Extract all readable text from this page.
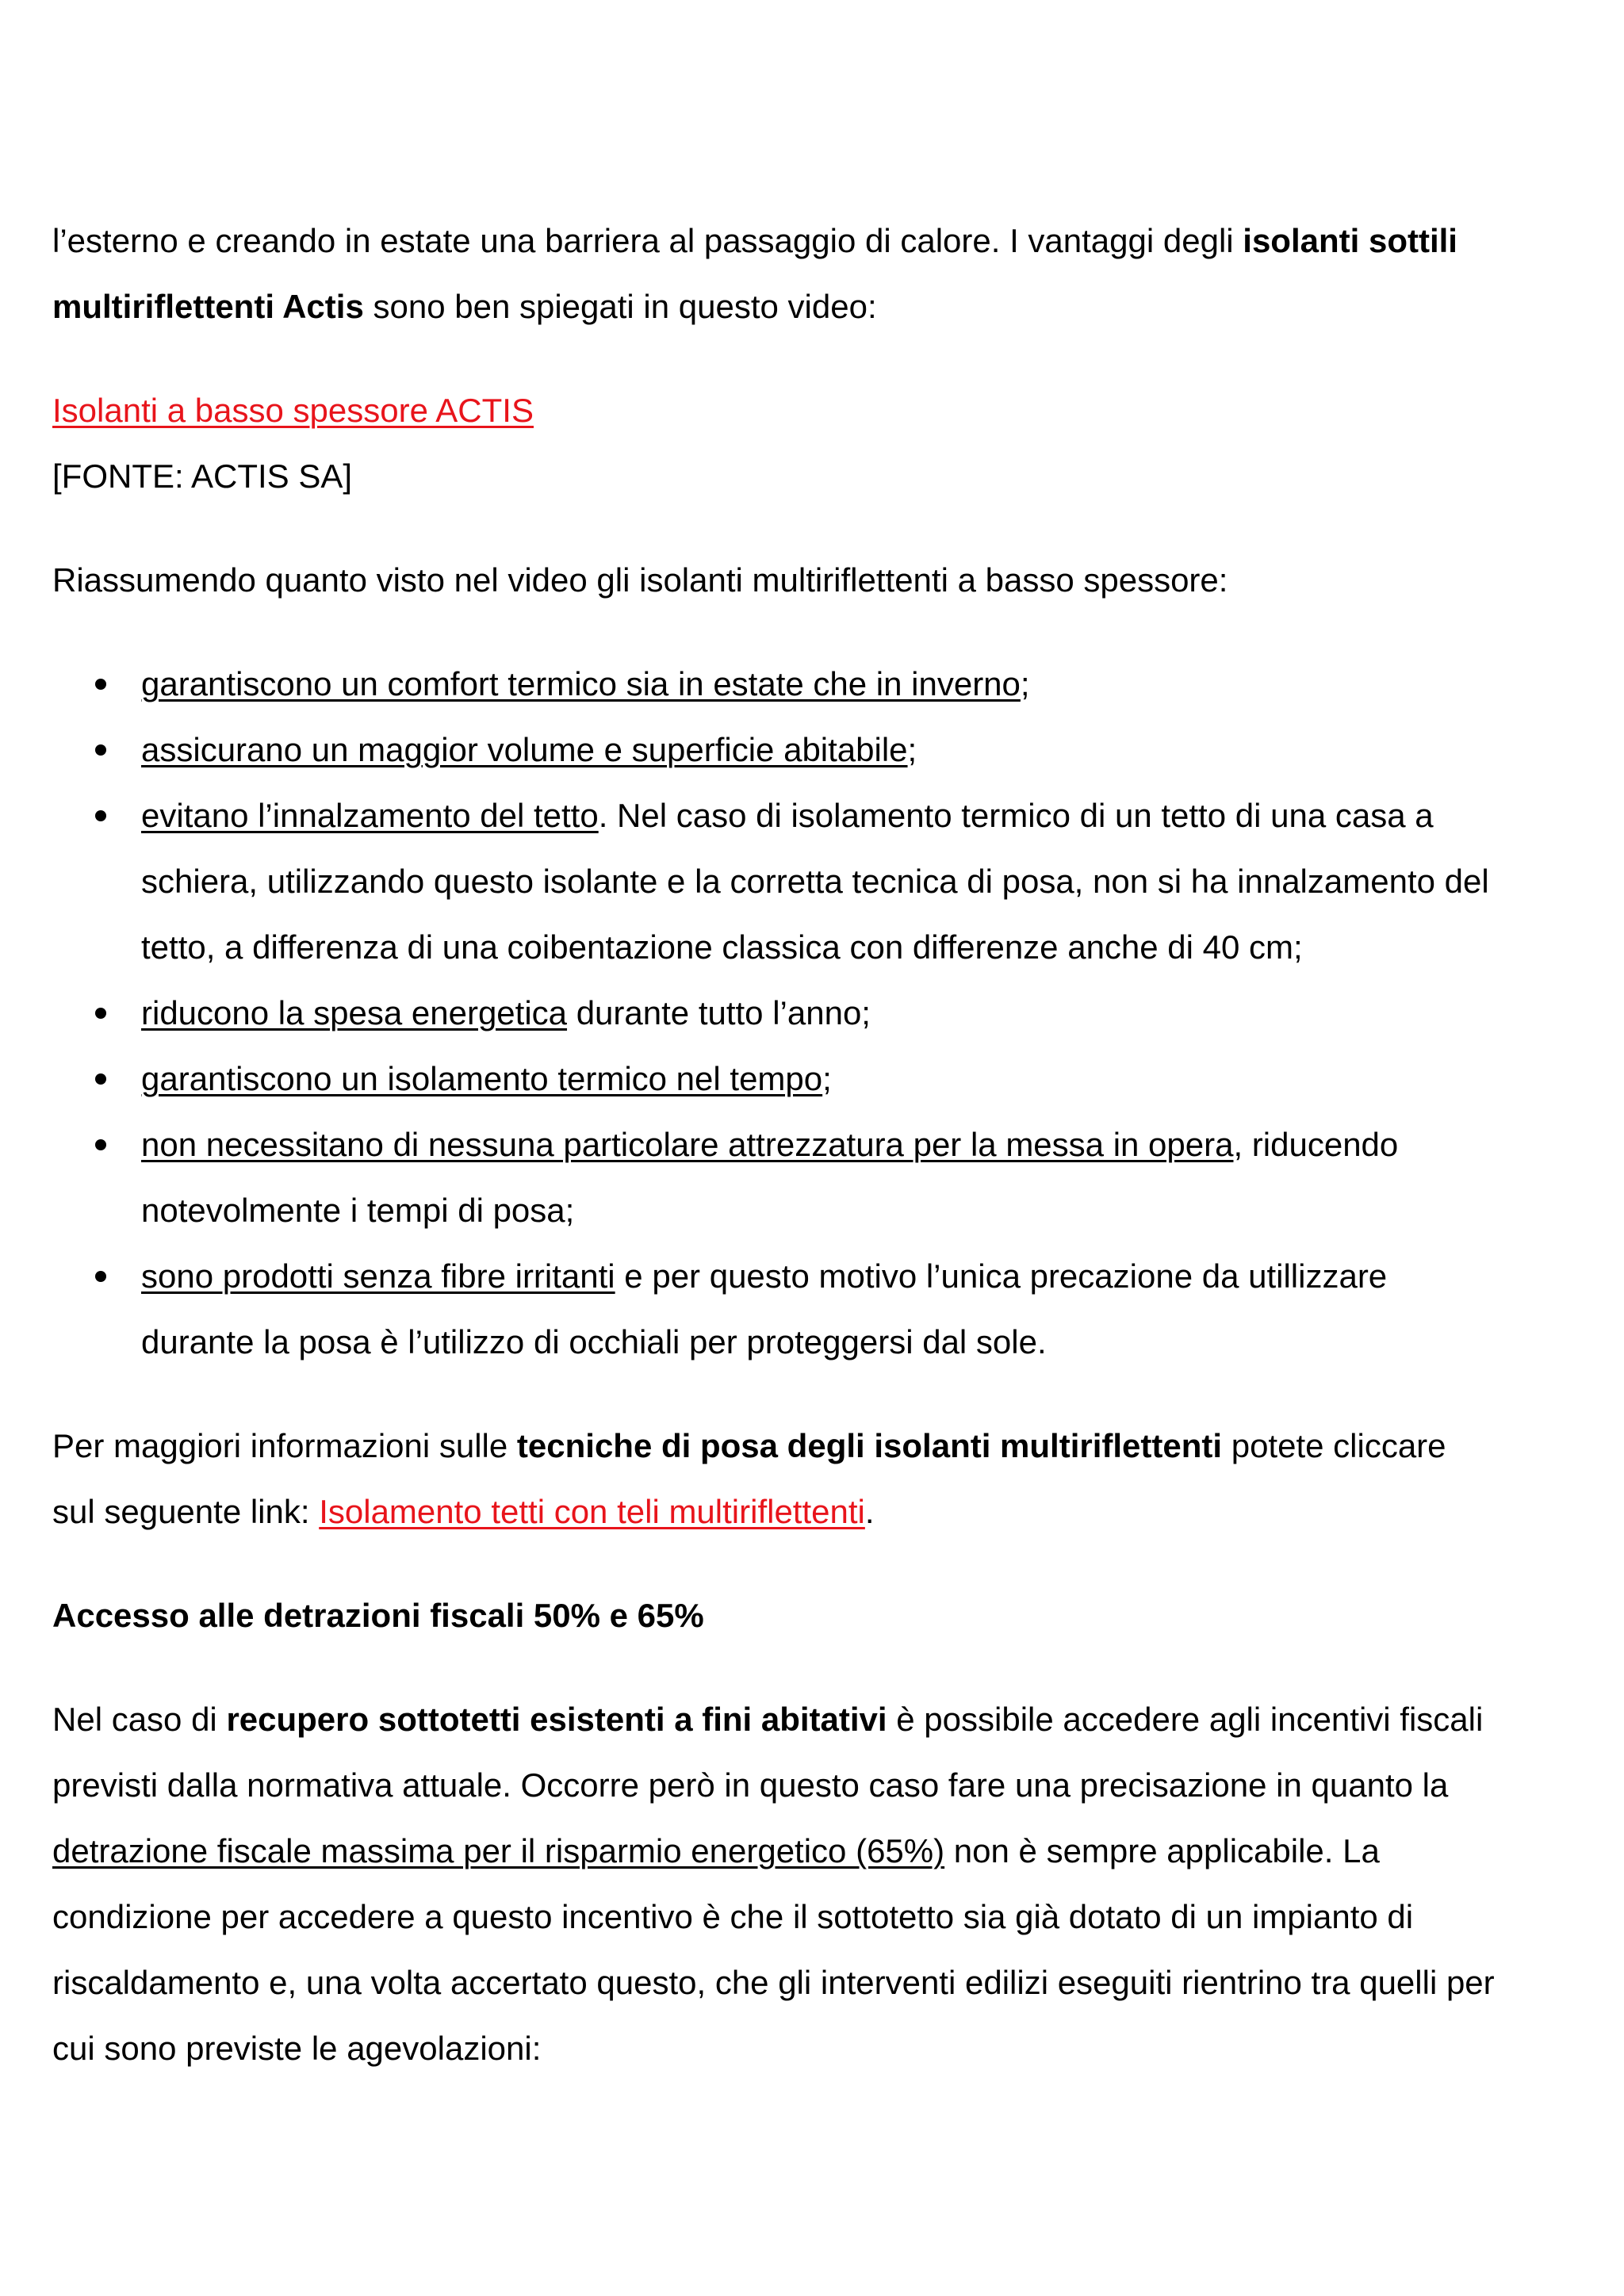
l’esterno e creando in estate una barriera al passaggio di calore. I vantaggi degli isolanti sottili multiriflettenti Actis sono ben spiegati in questo video:

Isolanti a basso spessore ACTIS

[FONTE: ACTIS SA]

Riassumendo quanto visto nel video gli isolanti multiriflettenti a basso spessore:

garantiscono un comfort termico sia in estate che in inverno;
assicurano un maggior volume e superficie abitabile;
evitano l’innalzamento del tetto. Nel caso di isolamento termico di un tetto di una casa a schiera, utilizzando questo isolante e la corretta tecnica di posa, non si ha innalzamento del tetto, a differenza di una coibentazione classica con differenze anche di 40 cm;
riducono la spesa energetica durante tutto l’anno;
garantiscono un isolamento termico nel tempo;
non necessitano di nessuna particolare attrezzatura per la messa in opera, riducendo notevolmente i tempi di posa;
sono prodotti senza fibre irritanti e per questo motivo l’unica precazione da utillizzare durante la posa è l’utilizzo di occhiali per proteggersi dal sole.

Per maggiori informazioni sulle tecniche di posa degli isolanti multiriflettenti potete cliccare sul seguente link: Isolamento tetti con teli multiriflettenti.

Accesso alle detrazioni fiscali 50% e 65%

Nel caso di recupero sottotetti esistenti a fini abitativi è possibile accedere agli incentivi fiscali previsti dalla normativa attuale. Occorre però in questo caso fare una precisazione in quanto la detrazione fiscale massima per il risparmio energetico (65%) non è sempre applicabile. La condizione per accedere a questo incentivo è che il sottotetto sia già dotato di un impianto di riscaldamento e, una volta accertato questo, che gli interventi edilizi eseguiti rientrino tra quelli per cui sono previste le agevolazioni:
